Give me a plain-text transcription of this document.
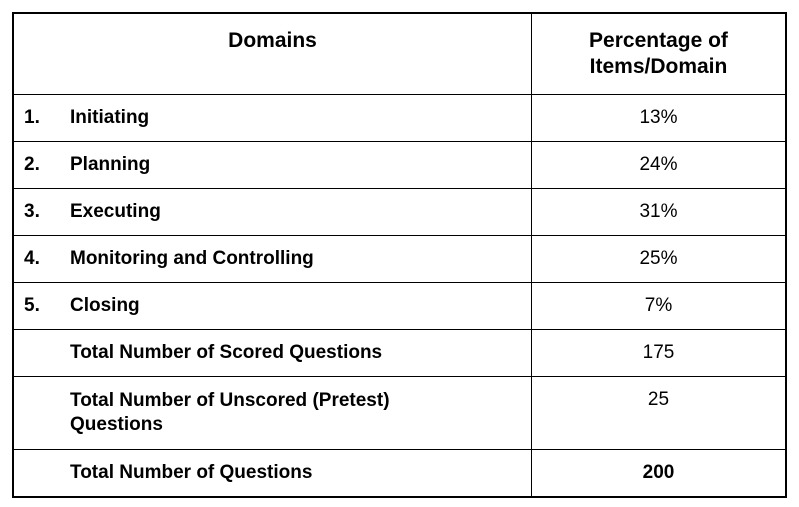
Domains	Percentage of Items/Domain

1. Initiating	13%

2. Planning	24%

3. Executing	31%

4. Monitoring and Controlling	25%

5. Closing	7%

Total Number of Scored Questions	175

Total Number of Unscored (Pretest) Questions	25

Total Number of Questions	200
